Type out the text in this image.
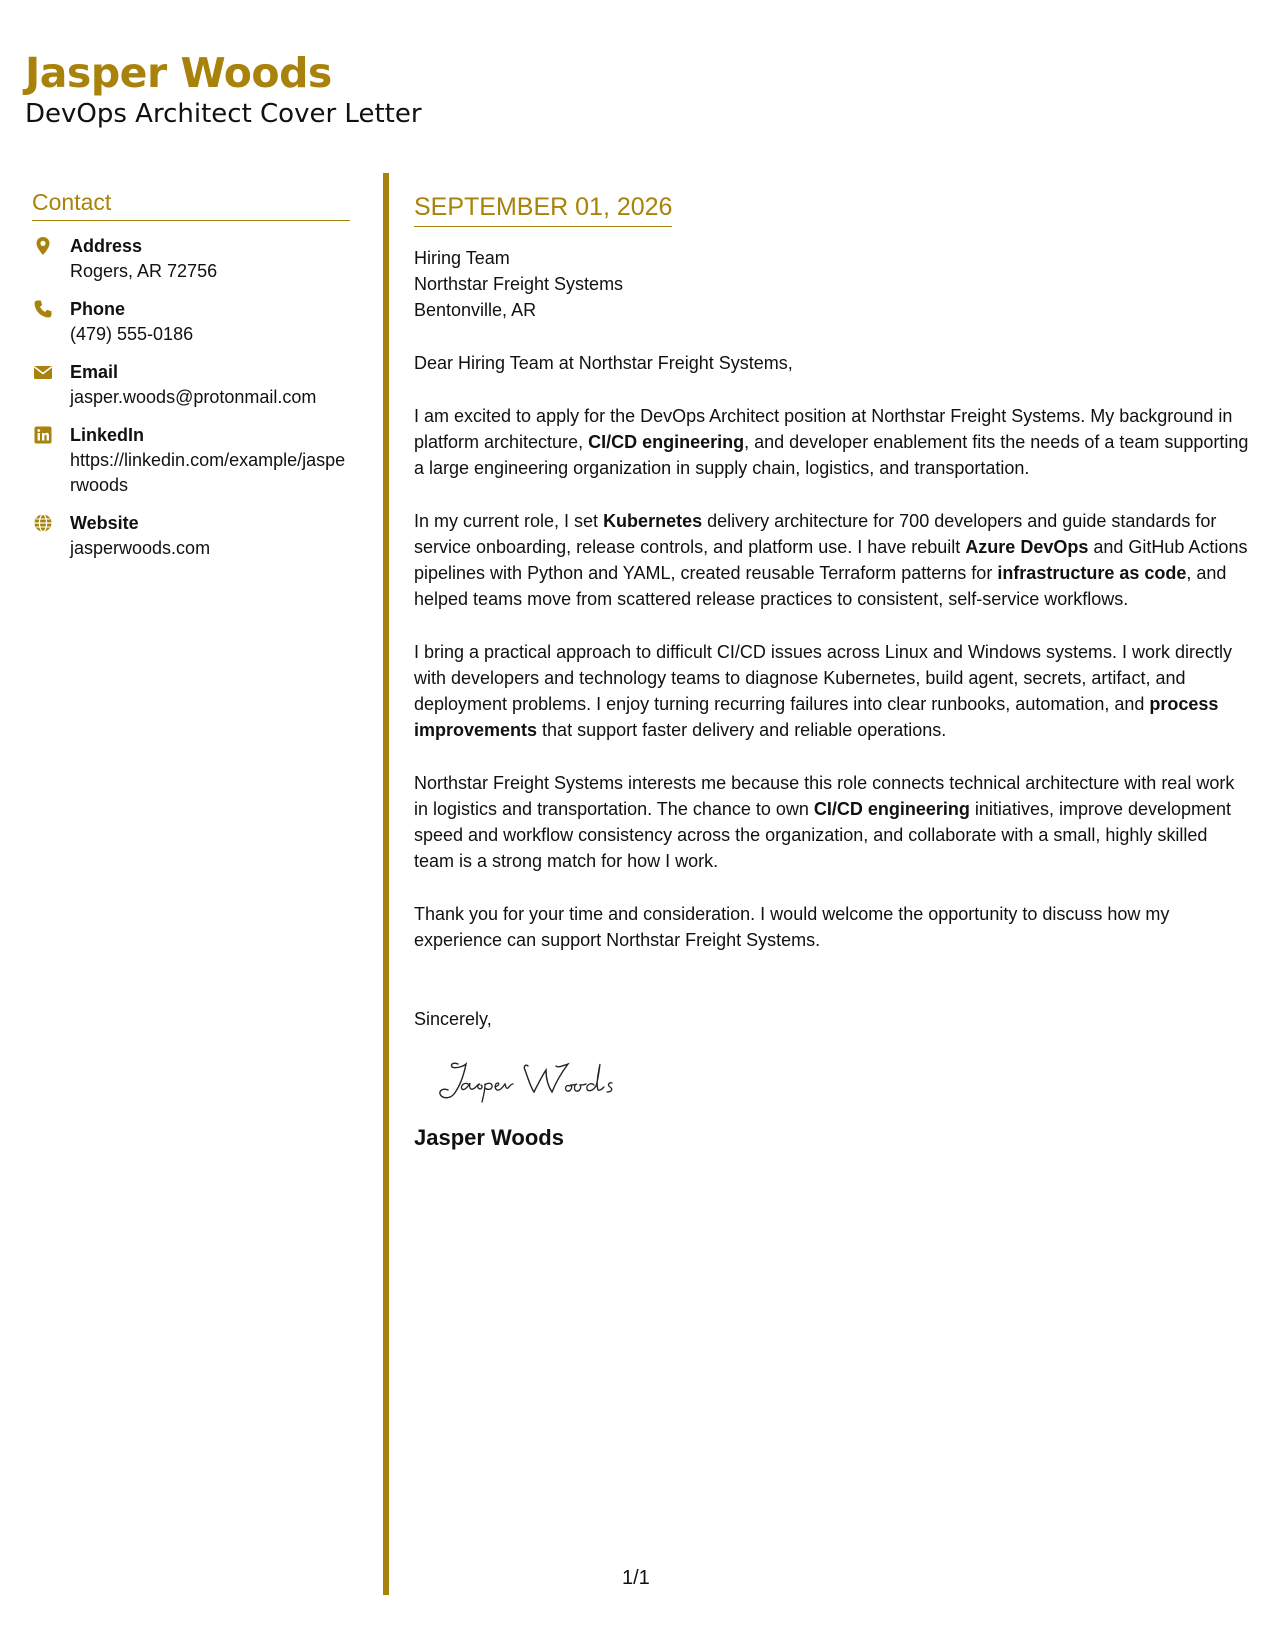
Jasper Woods
DevOps Architect Cover Letter
Contact
Address
Rogers, AR 72756
Phone
(479) 555-0186
Email
jasper.woods@protonmail.com
LinkedIn
https://linkedin.com/example/jasperwoods
Website
jasperwoods.com
SEPTEMBER 01, 2026
Hiring Team
Northstar Freight Systems
Bentonville, AR
Dear Hiring Team at Northstar Freight Systems,
I am excited to apply for the DevOps Architect position at Northstar Freight Systems. My background in platform architecture, CI/CD engineering, and developer enablement fits the needs of a team supporting a large engineering organization in supply chain, logistics, and transportation.
In my current role, I set Kubernetes delivery architecture for 700 developers and guide standards for service onboarding, release controls, and platform use. I have rebuilt Azure DevOps and GitHub Actions pipelines with Python and YAML, created reusable Terraform patterns for infrastructure as code, and helped teams move from scattered release practices to consistent, self-service workflows.
I bring a practical approach to difficult CI/CD issues across Linux and Windows systems. I work directly with developers and technology teams to diagnose Kubernetes, build agent, secrets, artifact, and deployment problems. I enjoy turning recurring failures into clear runbooks, automation, and process improvements that support faster delivery and reliable operations.
Northstar Freight Systems interests me because this role connects technical architecture with real work in logistics and transportation. The chance to own CI/CD engineering initiatives, improve development speed and workflow consistency across the organization, and collaborate with a small, highly skilled team is a strong match for how I work.
Thank you for your time and consideration. I would welcome the opportunity to discuss how my experience can support Northstar Freight Systems.
Sincerely,
Jasper Woods
1/1
